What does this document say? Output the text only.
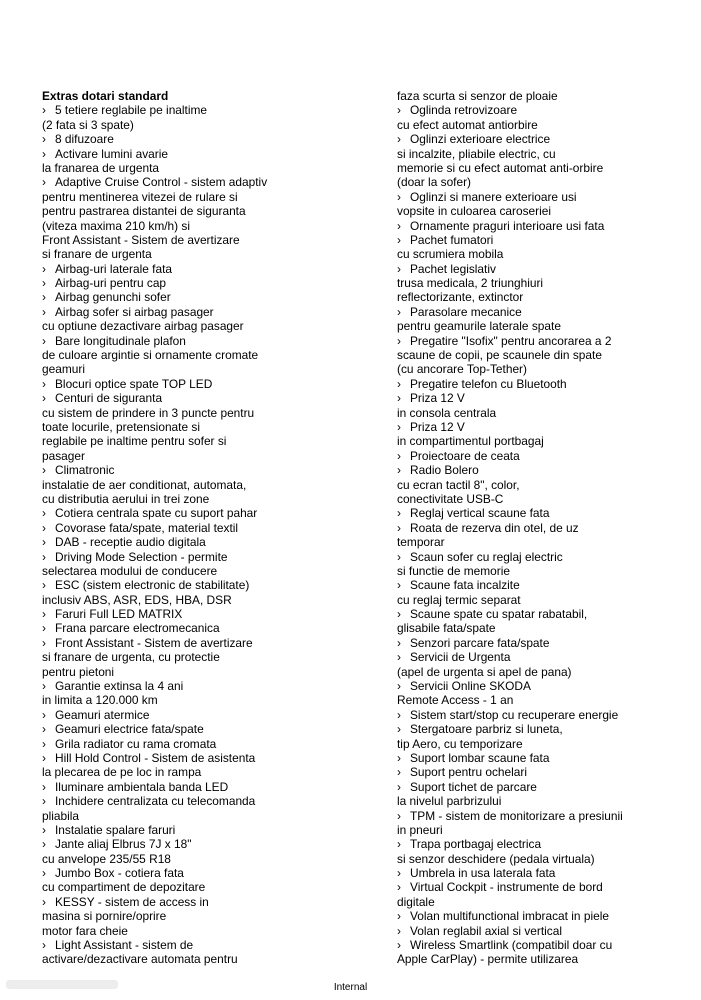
Extras dotari standard
› 5 tetiere reglabile pe inaltime
(2 fata si 3 spate)
› 8 difuzoare
› Activare lumini avarie
la franarea de urgenta
› Adaptive Cruise Control - sistem adaptiv
pentru mentinerea vitezei de rulare si
pentru pastrarea distantei de siguranta
(viteza maxima 210 km/h) si
Front Assistant - Sistem de avertizare
si franare de urgenta
› Airbag-uri laterale fata
› Airbag-uri pentru cap
› Airbag genunchi sofer
› Airbag sofer si airbag pasager
cu optiune dezactivare airbag pasager
› Bare longitudinale plafon
de culoare argintie si ornamente cromate
geamuri
› Blocuri optice spate TOP LED
› Centuri de siguranta
cu sistem de prindere in 3 puncte pentru
toate locurile, pretensionate si
reglabile pe inaltime pentru sofer si
pasager
› Climatronic
instalatie de aer conditionat, automata,
cu distributia aerului in trei zone
› Cotiera centrala spate cu suport pahar
› Covorase fata/spate, material textil
› DAB - receptie audio digitala
› Driving Mode Selection - permite
selectarea modului de conducere
› ESC (sistem electronic de stabilitate)
inclusiv ABS, ASR, EDS, HBA, DSR
› Faruri Full LED MATRIX
› Frana parcare electromecanica
› Front Assistant - Sistem de avertizare
si franare de urgenta, cu protectie
pentru pietoni
› Garantie extinsa la 4 ani
in limita a 120.000 km
› Geamuri atermice
› Geamuri electrice fata/spate
› Grila radiator cu rama cromata
› Hill Hold Control - Sistem de asistenta
la plecarea de pe loc in rampa
› Iluminare ambientala banda LED
› Inchidere centralizata cu telecomanda
pliabila
› Instalatie spalare faruri
› Jante aliaj Elbrus 7J x 18"
cu anvelope 235/55 R18
› Jumbo Box - cotiera fata
cu compartiment de depozitare
› KESSY - sistem de access in
masina si pornire/oprire
motor fara cheie
› Light Assistant - sistem de
activare/dezactivare automata pentru
faza scurta si senzor de ploaie
› Oglinda retrovizoare
cu efect automat antiorbire
› Oglinzi exterioare electrice
si incalzite, pliabile electric, cu
memorie si cu efect automat anti-orbire
(doar la sofer)
› Oglinzi si manere exterioare usi
vopsite in culoarea caroseriei
› Ornamente praguri interioare usi fata
› Pachet fumatori
cu scrumiera mobila
› Pachet legislativ
trusa medicala, 2 triunghiuri
reflectorizante, extinctor
› Parasolare mecanice
pentru geamurile laterale spate
› Pregatire "Isofix" pentru ancorarea a 2
scaune de copii, pe scaunele din spate
(cu ancorare Top-Tether)
› Pregatire telefon cu Bluetooth
› Priza 12 V
in consola centrala
› Priza 12 V
in compartimentul portbagaj
› Proiectoare de ceata
› Radio Bolero
cu ecran tactil 8", color,
conectivitate USB-C
› Reglaj vertical scaune fata
› Roata de rezerva din otel, de uz
temporar
› Scaun sofer cu reglaj electric
si functie de memorie
› Scaune fata incalzite
cu reglaj termic separat
› Scaune spate cu spatar rabatabil,
glisabile fata/spate
› Senzori parcare fata/spate
› Servicii de Urgenta
(apel de urgenta si apel de pana)
› Servicii Online SKODA
Remote Access - 1 an
› Sistem start/stop cu recuperare energie
› Stergatoare parbriz si luneta,
tip Aero, cu temporizare
› Suport lombar scaune fata
› Suport pentru ochelari
› Suport tichet de parcare
la nivelul parbrizului
› TPM - sistem de monitorizare a presiunii
in pneuri
› Trapa portbagaj electrica
si senzor deschidere (pedala virtuala)
› Umbrela in usa laterala fata
› Virtual Cockpit - instrumente de bord
digitale
› Volan multifunctional imbracat in piele
› Volan reglabil axial si vertical
› Wireless Smartlink (compatibil doar cu
Apple CarPlay) - permite utilizarea
Internal
